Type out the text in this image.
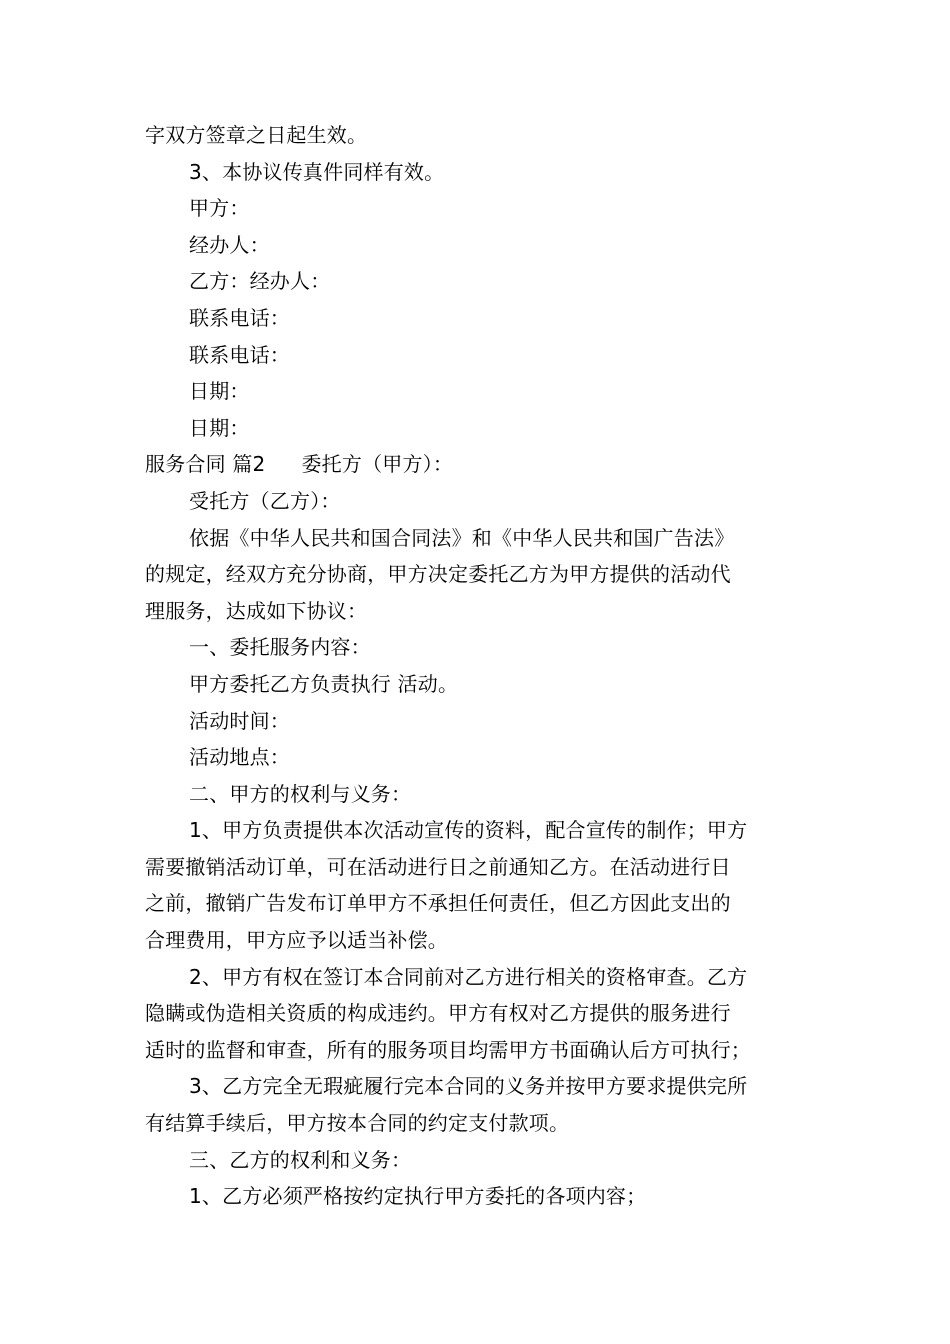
字双方签章之日起生效。
3、本协议传真件同样有效。
甲方：
经办人：
乙方：经办人：
联系电话：
联系电话：
日期：
日期：
服务合同 篇2 委托方（甲方）：
受托方（乙方）：
依据《中华人民共和国合同法》和《中华人民共和国广告法》
的规定，经双方充分协商，甲方决定委托乙方为甲方提供的活动代
理服务，达成如下协议：
一、委托服务内容：
甲方委托乙方负责执行 活动。
活动时间：
活动地点：
二、甲方的权利与义务：
1、甲方负责提供本次活动宣传的资料，配合宣传的制作；甲方
需要撤销活动订单，可在活动进行日之前通知乙方。在活动进行日
之前，撤销广告发布订单甲方不承担任何责任，但乙方因此支出的
合理费用，甲方应予以适当补偿。
2、甲方有权在签订本合同前对乙方进行相关的资格审查。乙方
隐瞒或伪造相关资质的构成违约。甲方有权对乙方提供的服务进行
适时的监督和审查，所有的服务项目均需甲方书面确认后方可执行；
3、乙方完全无瑕疵履行完本合同的义务并按甲方要求提供完所
有结算手续后，甲方按本合同的约定支付款项。
三、乙方的权利和义务：
1、乙方必须严格按约定执行甲方委托的各项内容；
